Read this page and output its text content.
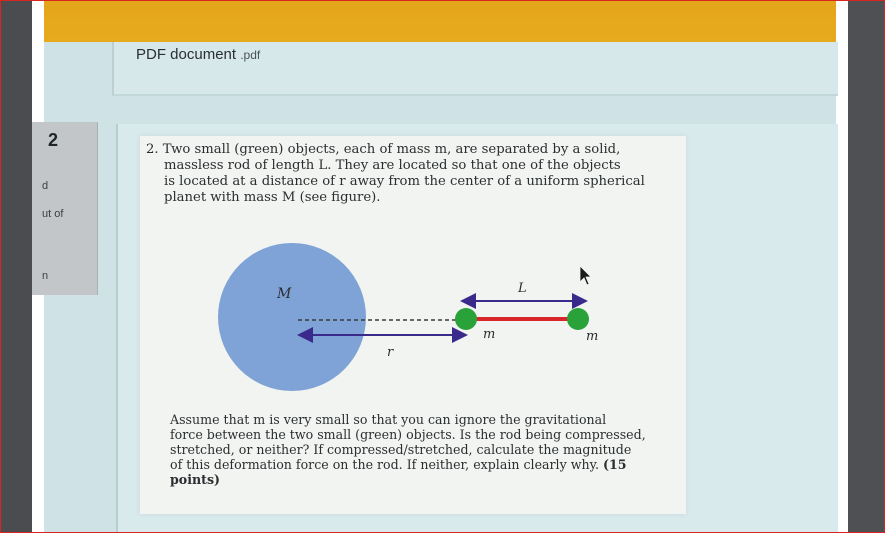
PDF document .pdf
2
d
ut of
n

2. Two small (green) objects, each of mass m, are separated by a solid,
massless rod of length L. They are located so that one of the objects
is located at a distance of r away from the center of a uniform spherical
planet with mass M (see figure).

M
r
L
m	m

Assume that m is very small so that you can ignore the gravitational
force between the two small (green) objects. Is the rod being compressed,
stretched, or neither? If compressed/stretched, calculate the magnitude
of this deformation force on the rod. If neither, explain clearly why. (15 points)
